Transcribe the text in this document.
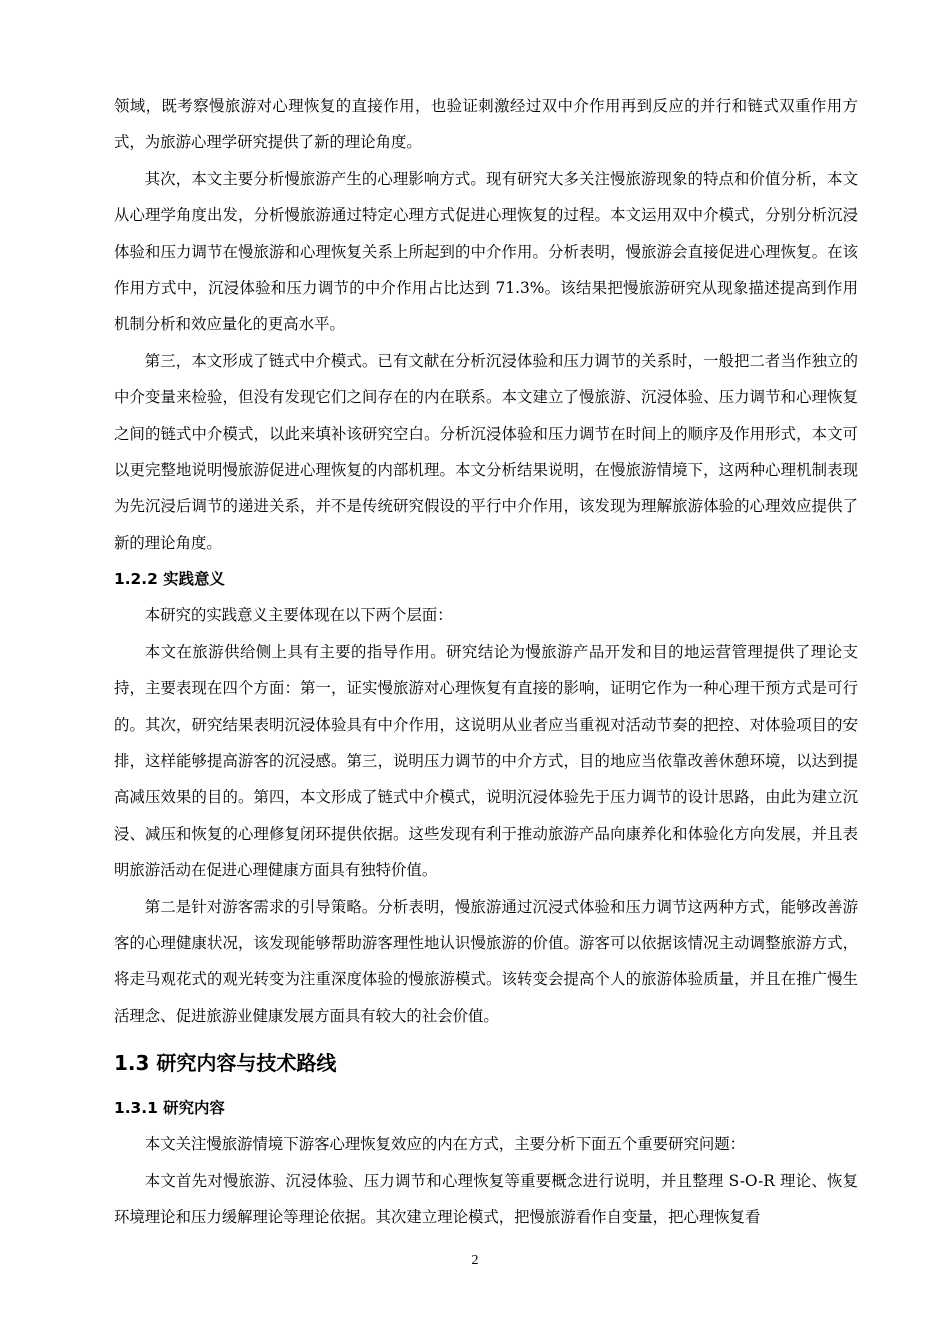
领域，既考察慢旅游对心理恢复的直接作用，也验证刺激经过双中介作用再到反应的并行和链式双重作用方式，为旅游心理学研究提供了新的理论角度。

其次，本文主要分析慢旅游产生的心理影响方式。现有研究大多关注慢旅游现象的特点和价值分析，本文从心理学角度出发，分析慢旅游通过特定心理方式促进心理恢复的过程。本文运用双中介模式，分别分析沉浸体验和压力调节在慢旅游和心理恢复关系上所起到的中介作用。分析表明，慢旅游会直接促进心理恢复。在该作用方式中，沉浸体验和压力调节的中介作用占比达到 71.3%。该结果把慢旅游研究从现象描述提高到作用机制分析和效应量化的更高水平。

第三，本文形成了链式中介模式。已有文献在分析沉浸体验和压力调节的关系时，一般把二者当作独立的中介变量来检验，但没有发现它们之间存在的内在联系。本文建立了慢旅游、沉浸体验、压力调节和心理恢复之间的链式中介模式，以此来填补该研究空白。分析沉浸体验和压力调节在时间上的顺序及作用形式，本文可以更完整地说明慢旅游促进心理恢复的内部机理。本文分析结果说明，在慢旅游情境下，这两种心理机制表现为先沉浸后调节的递进关系，并不是传统研究假设的平行中介作用，该发现为理解旅游体验的心理效应提供了新的理论角度。

1.2.2 实践意义

本研究的实践意义主要体现在以下两个层面：

本文在旅游供给侧上具有主要的指导作用。研究结论为慢旅游产品开发和目的地运营管理提供了理论支持，主要表现在四个方面：第一，证实慢旅游对心理恢复有直接的影响，证明它作为一种心理干预方式是可行的。其次，研究结果表明沉浸体验具有中介作用，这说明从业者应当重视对活动节奏的把控、对体验项目的安排，这样能够提高游客的沉浸感。第三，说明压力调节的中介方式，目的地应当依靠改善休憩环境，以达到提高减压效果的目的。第四，本文形成了链式中介模式，说明沉浸体验先于压力调节的设计思路，由此为建立沉浸、减压和恢复的心理修复闭环提供依据。这些发现有利于推动旅游产品向康养化和体验化方向发展，并且表明旅游活动在促进心理健康方面具有独特价值。

第二是针对游客需求的引导策略。分析表明，慢旅游通过沉浸式体验和压力调节这两种方式，能够改善游客的心理健康状况，该发现能够帮助游客理性地认识慢旅游的价值。游客可以依据该情况主动调整旅游方式，将走马观花式的观光转变为注重深度体验的慢旅游模式。该转变会提高个人的旅游体验质量，并且在推广慢生活理念、促进旅游业健康发展方面具有较大的社会价值。

1.3 研究内容与技术路线
1.3.1 研究内容

本文关注慢旅游情境下游客心理恢复效应的内在方式，主要分析下面五个重要研究问题：

本文首先对慢旅游、沉浸体验、压力调节和心理恢复等重要概念进行说明，并且整理 S-O-R 理论、恢复环境理论和压力缓解理论等理论依据。其次建立理论模式，把慢旅游看作自变量，把心理恢复看

2
